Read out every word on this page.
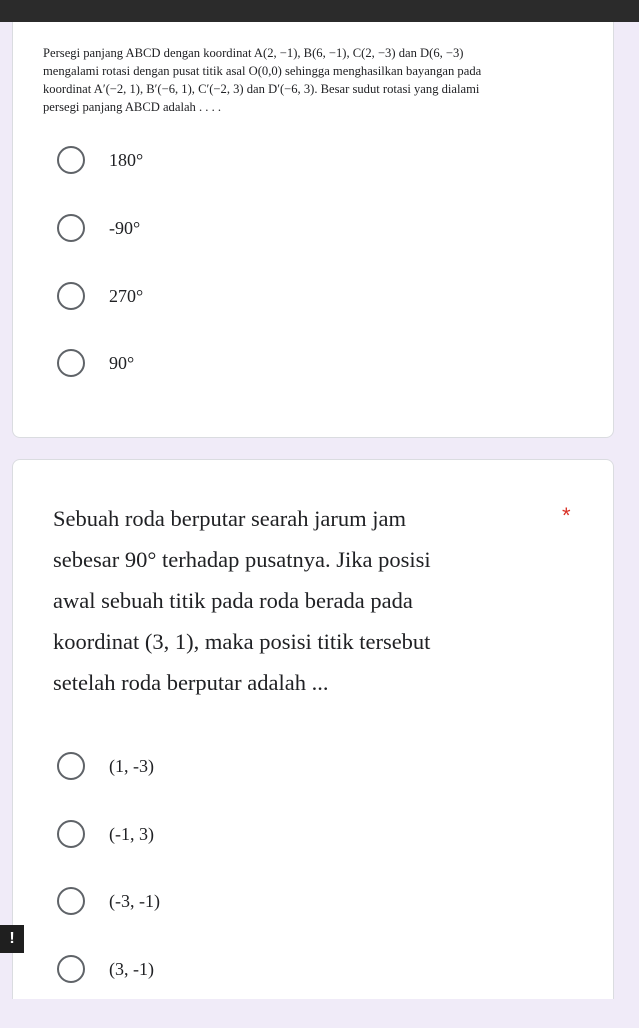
Persegi panjang ABCD dengan koordinat A(2, −1), B(6, −1), C(2, −3) dan D(6, −3)

mengalami rotasi dengan pusat titik asal O(0,0) sehingga menghasilkan bayangan pada

koordinat A′(−2, 1), B′(−6, 1), C′(−2, 3) dan D′(−6, 3). Besar sudut rotasi yang dialami

persegi panjang ABCD adalah . . . .

180°
-90°
270°
90°

Sebuah roda berputar searah jarum jam

sebesar 90° terhadap pusatnya. Jika posisi

awal sebuah titik pada roda berada pada

koordinat (3, 1), maka posisi titik tersebut

setelah roda berputar adalah ...

*
(1, -3)
(-1, 3)
(-3, -1)
(3, -1)
!
